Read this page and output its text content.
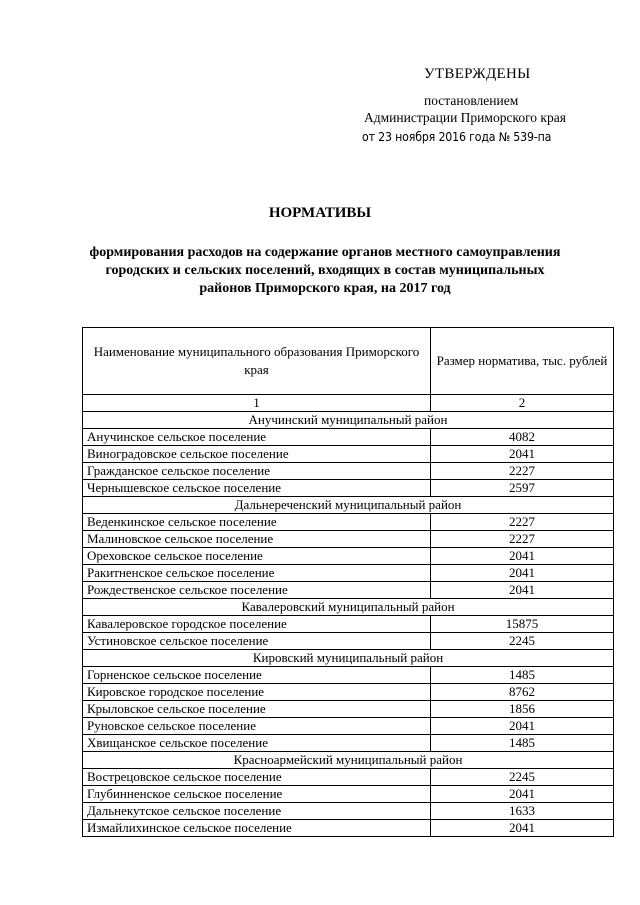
УТВЕРЖДЕНЫ
постановлением
Администрации Приморского края
от 23 ноября 2016 года № 539-па
НОРМАТИВЫ
формирования расходов на содержание органов местного самоуправления
городских и сельских поселений, входящих в состав муниципальных
районов Приморского края, на 2017 год
Наименование муниципального образования Приморского края	Размер норматива, тыс. рублей
1	2
Анучинский муниципальный район	
Анучинское сельское поселение	4082
Виноградовское сельское поселение	2041
Гражданское сельское поселение	2227
Чернышевское сельское поселение	2597
Дальнереченский муниципальный район	
Веденкинское сельское поселение	2227
Малиновское сельское поселение	2227
Ореховское сельское поселение	2041
Ракитненское сельское поселение	2041
Рождественское сельское поселение	2041
Кавалеровский муниципальный район	
Кавалеровское городское поселение	15875
Устиновское сельское поселение	2245
Кировский муниципальный район	
Горненское сельское поселение	1485
Кировское городское поселение	8762
Крыловское сельское поселение	1856
Руновское сельское поселение	2041
Хвищанское сельское поселение	1485
Красноармейский муниципальный район	
Вострецовское сельское поселение	2245
Глубинненское сельское поселение	2041
Дальнекутское сельское поселение	1633
Измайлихинское сельское поселение	2041
